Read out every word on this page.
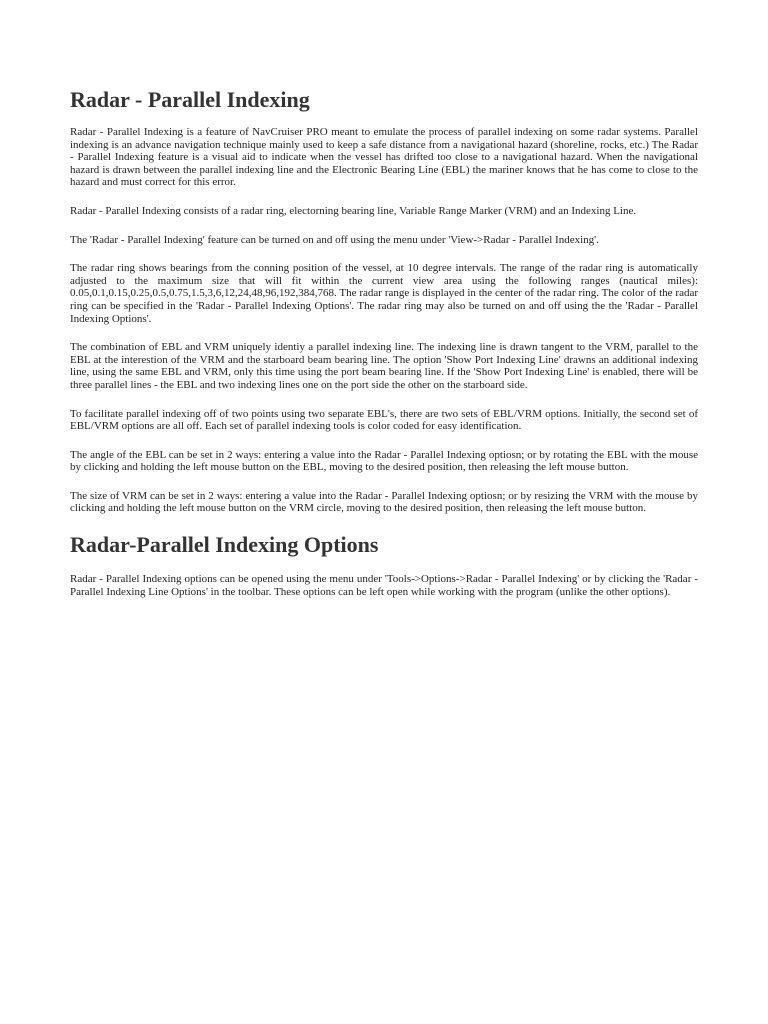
Radar - Parallel Indexing

Radar - Parallel Indexing is a feature of NavCruiser PRO meant to emulate the process of parallel indexing on some radar systems. Parallel indexing is an advance navigation technique mainly used to keep a safe distance from a navigational hazard (shoreline, rocks, etc.) The Radar - Parallel Indexing feature is a visual aid to indicate when the vessel has drifted too close to a navigational hazard. When the navigational hazard is drawn between the parallel indexing line and the Electronic Bearing Line (EBL) the mariner knows that he has come to close to the hazard and must correct for this error.

Radar - Parallel Indexing consists of a radar ring, electorning bearing line, Variable Range Marker (VRM) and an Indexing Line.

The 'Radar - Parallel Indexing' feature can be turned on and off using the menu under 'View->Radar - Parallel Indexing'.

The radar ring shows bearings from the conning position of the vessel, at 10 degree intervals. The range of the radar ring is automatically adjusted to the maximum size that will fit within the current view area using the following ranges (nautical miles): 0.05,0.1,0.15,0.25,0.5,0.75,1.5,3,6,12,24,48,96,192,384,768. The radar range is displayed in the center of the radar ring. The color of the radar ring can be specified in the 'Radar - Parallel Indexing Options'. The radar ring may also be turned on and off using the the 'Radar - Parallel Indexing Options'.

The combination of EBL and VRM uniquely identiy a parallel indexing line. The indexing line is drawn tangent to the VRM, parallel to the EBL at the interestion of the VRM and the starboard beam bearing line. The option 'Show Port Indexing Line' drawns an additional indexing line, using the same EBL and VRM, only this time using the port beam bearing line. If the 'Show Port Indexing Line' is enabled, there will be three parallel lines - the EBL and two indexing lines one on the port side the other on the starboard side.

To facilitate parallel indexing off of two points using two separate EBL's, there are two sets of EBL/VRM options. Initially, the second set of EBL/VRM options are all off. Each set of parallel indexing tools is color coded for easy identification.

The angle of the EBL can be set in 2 ways: entering a value into the Radar - Parallel Indexing optiosn; or by rotating the EBL with the mouse by clicking and holding the left mouse button on the EBL, moving to the desired position, then releasing the left mouse button.

The size of VRM can be set in 2 ways: entering a value into the Radar - Parallel Indexing optiosn; or by resizing the VRM with the mouse by clicking and holding the left mouse button on the VRM circle, moving to the desired position, then releasing the left mouse button.

Radar-Parallel Indexing Options

Radar - Parallel Indexing options can be opened using the menu under 'Tools->Options->Radar - Parallel Indexing' or by clicking the 'Radar - Parallel Indexing Line Options' in the toolbar. These options can be left open while working with the program (unlike the other options).
